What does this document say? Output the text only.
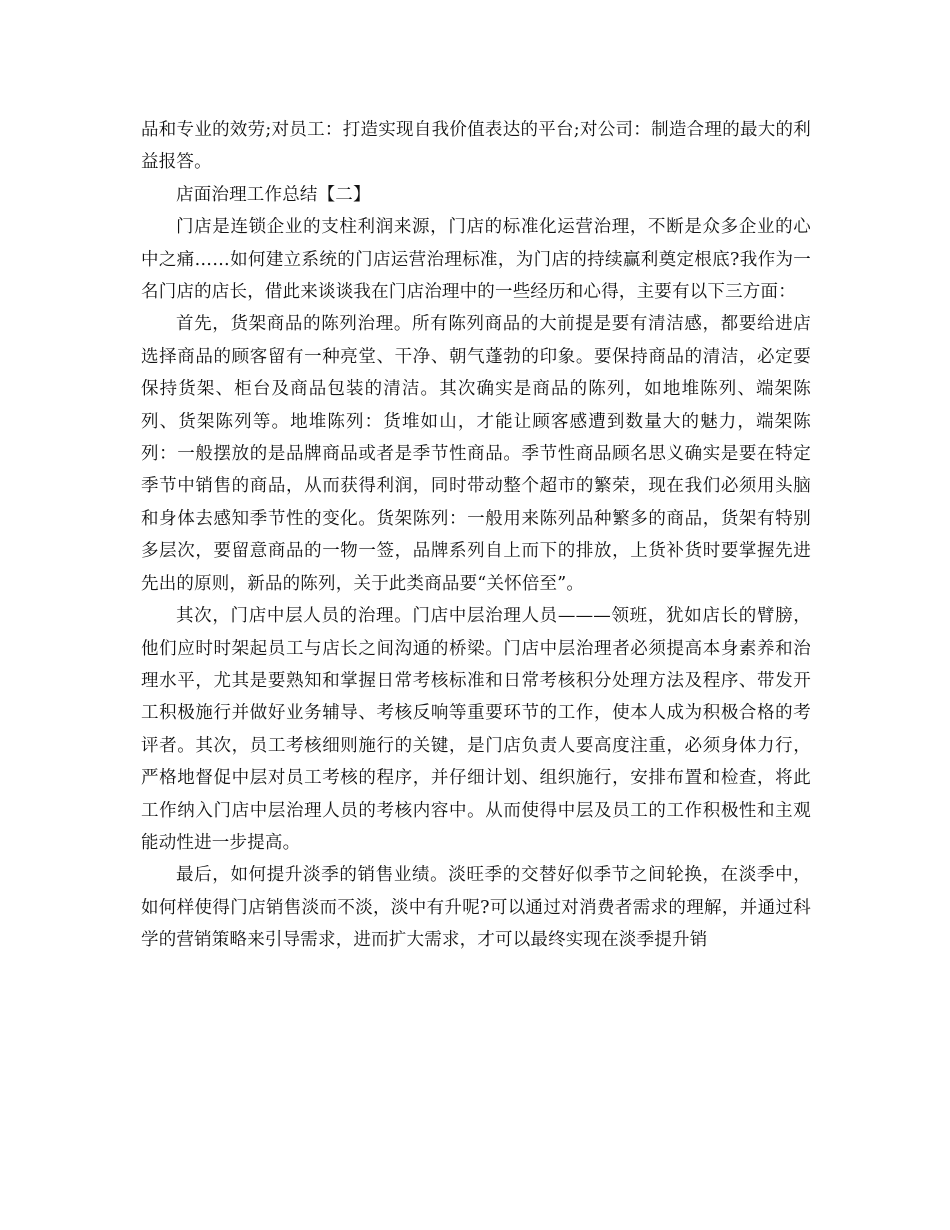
品和专业的效劳;对员工：打造实现自我价值表达的平台;对公司：制造合理的最大的利益报答。

店面治理工作总结【二】

门店是连锁企业的支柱利润来源，门店的标准化运营治理，不断是众多企业的心中之痛……如何建立系统的门店运营治理标准，为门店的持续赢利奠定根底?我作为一名门店的店长，借此来谈谈我在门店治理中的一些经历和心得，主要有以下三方面：

首先，货架商品的陈列治理。所有陈列商品的大前提是要有清洁感，都要给进店选择商品的顾客留有一种亮堂、干净、朝气蓬勃的印象。要保持商品的清洁，必定要保持货架、柜台及商品包装的清洁。其次确实是商品的陈列，如地堆陈列、端架陈列、货架陈列等。地堆陈列：货堆如山，才能让顾客感遭到数量大的魅力，端架陈列：一般摆放的是品牌商品或者是季节性商品。季节性商品顾名思义确实是要在特定季节中销售的商品，从而获得利润，同时带动整个超市的繁荣，现在我们必须用头脑和身体去感知季节性的变化。货架陈列：一般用来陈列品种繁多的商品，货架有特别多层次，要留意商品的一物一签，品牌系列自上而下的排放，上货补货时要掌握先进先出的原则，新品的陈列，关于此类商品要“关怀倍至”。

其次，门店中层人员的治理。门店中层治理人员———领班，犹如店长的臂膀，他们应时时架起员工与店长之间沟通的桥梁。门店中层治理者必须提高本身素养和治理水平，尤其是要熟知和掌握日常考核标准和日常考核积分处理方法及程序、带发开工积极施行并做好业务辅导、考核反响等重要环节的工作，使本人成为积极合格的考评者。其次，员工考核细则施行的关键，是门店负责人要高度注重，必须身体力行，严格地督促中层对员工考核的程序，并仔细计划、组织施行，安排布置和检查，将此工作纳入门店中层治理人员的考核内容中。从而使得中层及员工的工作积极性和主观能动性进一步提高。

最后，如何提升淡季的销售业绩。淡旺季的交替好似季节之间轮换，在淡季中，如何样使得门店销售淡而不淡，淡中有升呢?可以通过对消费者需求的理解，并通过科学的营销策略来引导需求，进而扩大需求，才可以最终实现在淡季提升销
